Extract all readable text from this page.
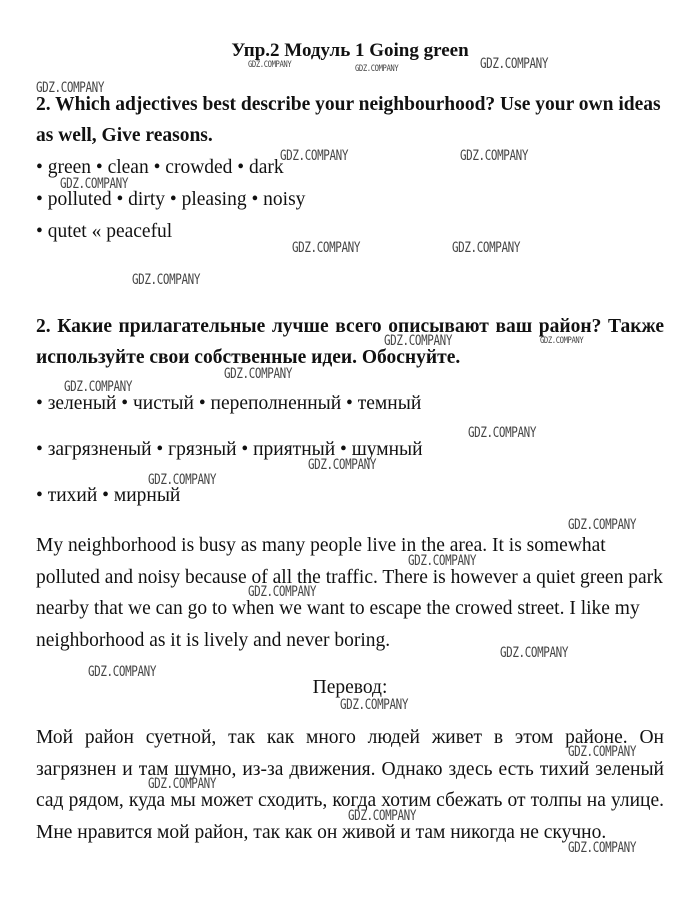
Упр.2 Модуль 1 Going green

2. Which adjectives best describe your neighbourhood? Use your own ideas as well, Give reasons.

• green • clean • crowded • dark

• polluted • dirty • pleasing • noisy

• qutet « peaceful

2. Какие прилагательные лучше всего описывают ваш район? Также используйте свои собственные идеи. Обоснуйте.

• зеленый • чистый • переполненный • темный

• загрязненый • грязный • приятный • шумный

• тихий • мирный

My neighborhood is busy as many people live in the area. It is somewhat polluted and noisy because of all the traffic. There is however a quiet green park nearby that we can go to when we want to escape the crowed street. I like my neighborhood as it is lively and never boring.

Перевод:

Мой район суетной, так как много людей живет в этом районе. Он загрязнен и там шумно, из-за движения. Однако здесь есть тихий зеленый сад рядом, куда мы может сходить, когда хотим сбежать от толпы на улице. Мне нравится мой район, так как он живой и там никогда не скучно.

GDZ.COMPANY	GDZ.COMPANY	GDZ.COMPANY
GDZ.COMPANY
GDZ.COMPANY	GDZ.COMPANY
GDZ.COMPANY
GDZ.COMPANY	GDZ.COMPANY
GDZ.COMPANY
GDZ.COMPANY	GDZ.COMPANY
GDZ.COMPANY
GDZ.COMPANY
GDZ.COMPANY
GDZ.COMPANY
GDZ.COMPANY
GDZ.COMPANY
GDZ.COMPANY
GDZ.COMPANY
GDZ.COMPANY
GDZ.COMPANY
GDZ.COMPANY
GDZ.COMPANY
GDZ.COMPANY
GDZ.COMPANY
GDZ.COMPANY
